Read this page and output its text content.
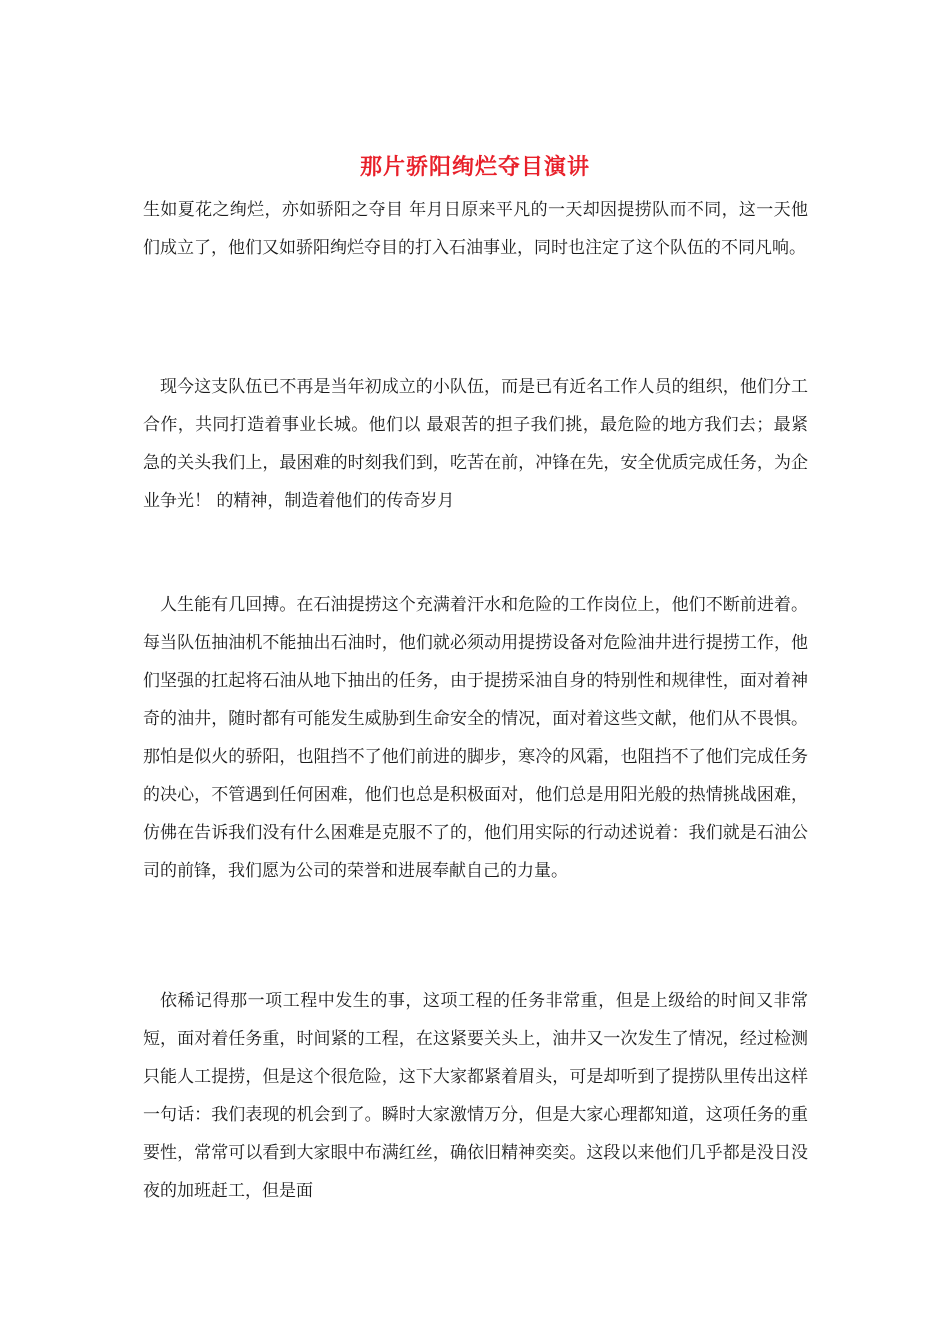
那片骄阳绚烂夺目演讲

生如夏花之绚烂，亦如骄阳之夺目 年月日原来平凡的一天却因提捞队而不同，这一天他们成立了，他们又如骄阳绚烂夺目的打入石油事业，同时也注定了这个队伍的不同凡响。

现今这支队伍已不再是当年初成立的小队伍，而是已有近名工作人员的组织，他们分工合作，共同打造着事业长城。他们以 最艰苦的担子我们挑，最危险的地方我们去；最紧急的关头我们上，最困难的时刻我们到，吃苦在前，冲锋在先，安全优质完成任务，为企业争光！ 的精神，制造着他们的传奇岁月

人生能有几回搏。在石油提捞这个充满着汗水和危险的工作岗位上，他们不断前进着。每当队伍抽油机不能抽出石油时，他们就必须动用提捞设备对危险油井进行提捞工作，他们坚强的扛起将石油从地下抽出的任务，由于提捞采油自身的特别性和规律性，面对着神奇的油井，随时都有可能发生威胁到生命安全的情况，面对着这些文献，他们从不畏惧。那怕是似火的骄阳，也阻挡不了他们前进的脚步，寒冷的风霜，也阻挡不了他们完成任务的决心，不管遇到任何困难，他们也总是积极面对，他们总是用阳光般的热情挑战困难，仿佛在告诉我们没有什么困难是克服不了的，他们用实际的行动述说着：我们就是石油公司的前锋，我们愿为公司的荣誉和进展奉献自己的力量。

依稀记得那一项工程中发生的事，这项工程的任务非常重，但是上级给的时间又非常短，面对着任务重，时间紧的工程，在这紧要关头上，油井又一次发生了情况，经过检测只能人工提捞，但是这个很危险，这下大家都紧着眉头，可是却听到了提捞队里传出这样一句话：我们表现的机会到了。瞬时大家激情万分，但是大家心理都知道，这项任务的重要性，常常可以看到大家眼中布满红丝，确依旧精神奕奕。这段以来他们几乎都是没日没夜的加班赶工，但是面
